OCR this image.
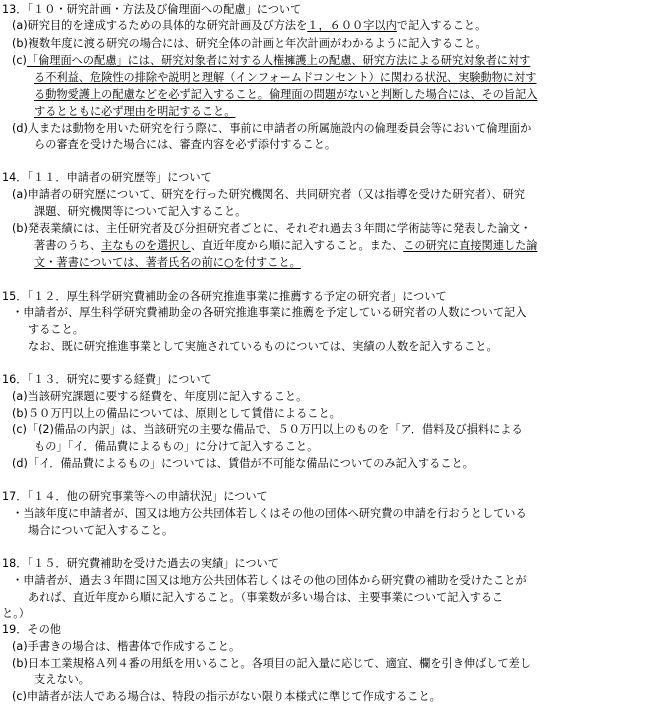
13．「１０・研究計画・方法及び倫理面への配慮」について
(a)研究目的を達成するための具体的な研究計画及び方法を１，６００字以内で記入すること。
(b)複数年度に渡る研究の場合には、研究全体の計画と年次計画がわかるように記入すること。
(c)「倫理面への配慮」には、研究対象者に対する人権擁護上の配慮、研究方法による研究対象者に対す
る不利益、危険性の排除や説明と理解（インフォームドコンセント）に関わる状況、実験動物に対す
る動物愛護上の配慮などを必ず記入すること。倫理面の問題がないと判断した場合には、その旨記入
するとともに必ず理由を明記すること。
(d)人または動物を用いた研究を行う際に、事前に申請者の所属施設内の倫理委員会等において倫理面か
らの審査を受けた場合には、審査内容を必ず添付すること。
14．「１１．申請者の研究歴等」について
(a)申請者の研究歴について、研究を行った研究機関名、共同研究者（又は指導を受けた研究者）、研究
課題、研究機関等について記入すること。
(b)発表業績には、主任研究者及び分担研究者ごとに、それぞれ過去３年間に学術誌等に発表した論文・
著書のうち、主なものを選択し、直近年度から順に記入すること。また、この研究に直接関連した論
文・著書については、著者氏名の前に○を付すこと。
15．「１２．厚生科学研究費補助金の各研究推進事業に推薦する予定の研究者」について
・申請者が、厚生科学研究費補助金の各研究推進事業に推薦を予定している研究者の人数について記入
すること。
なお、既に研究推進事業として実施されているものについては、実績の人数を記入すること。
16．「１３．研究に要する経費」について
(a)当該研究課題に要する経費を、年度別に記入すること。
(b)５０万円以上の備品については、原則として賃借によること。
(c)「(2)備品の内訳」は、当該研究の主要な備品で、５０万円以上のものを「ア．借料及び損料による
もの」「イ．備品費によるもの」に分けて記入すること。
(d)「イ．備品費によるもの」については、賃借が不可能な備品についてのみ記入すること。
17．「１４．他の研究事業等への申請状況」について
・当該年度に申請者が、国又は地方公共団体若しくはその他の団体へ研究費の申請を行おうとしている
場合について記入すること。
18．「１５．研究費補助を受けた過去の実績」について
・申請者が、過去３年間に国又は地方公共団体若しくはその他の団体から研究費の補助を受けたことが
あれば、直近年度から順に記入すること。（事業数が多い場合は、主要事業について記入するこ
と。）
19．その他
(a)手書きの場合は、楷書体で作成すること。
(b)日本工業規格Ａ列４番の用紙を用いること。各項目の記入量に応じて、適宜、欄を引き伸ばして差し
支えない。
(c)申請者が法人である場合は、特段の指示がない限り本様式に準じて作成すること。
